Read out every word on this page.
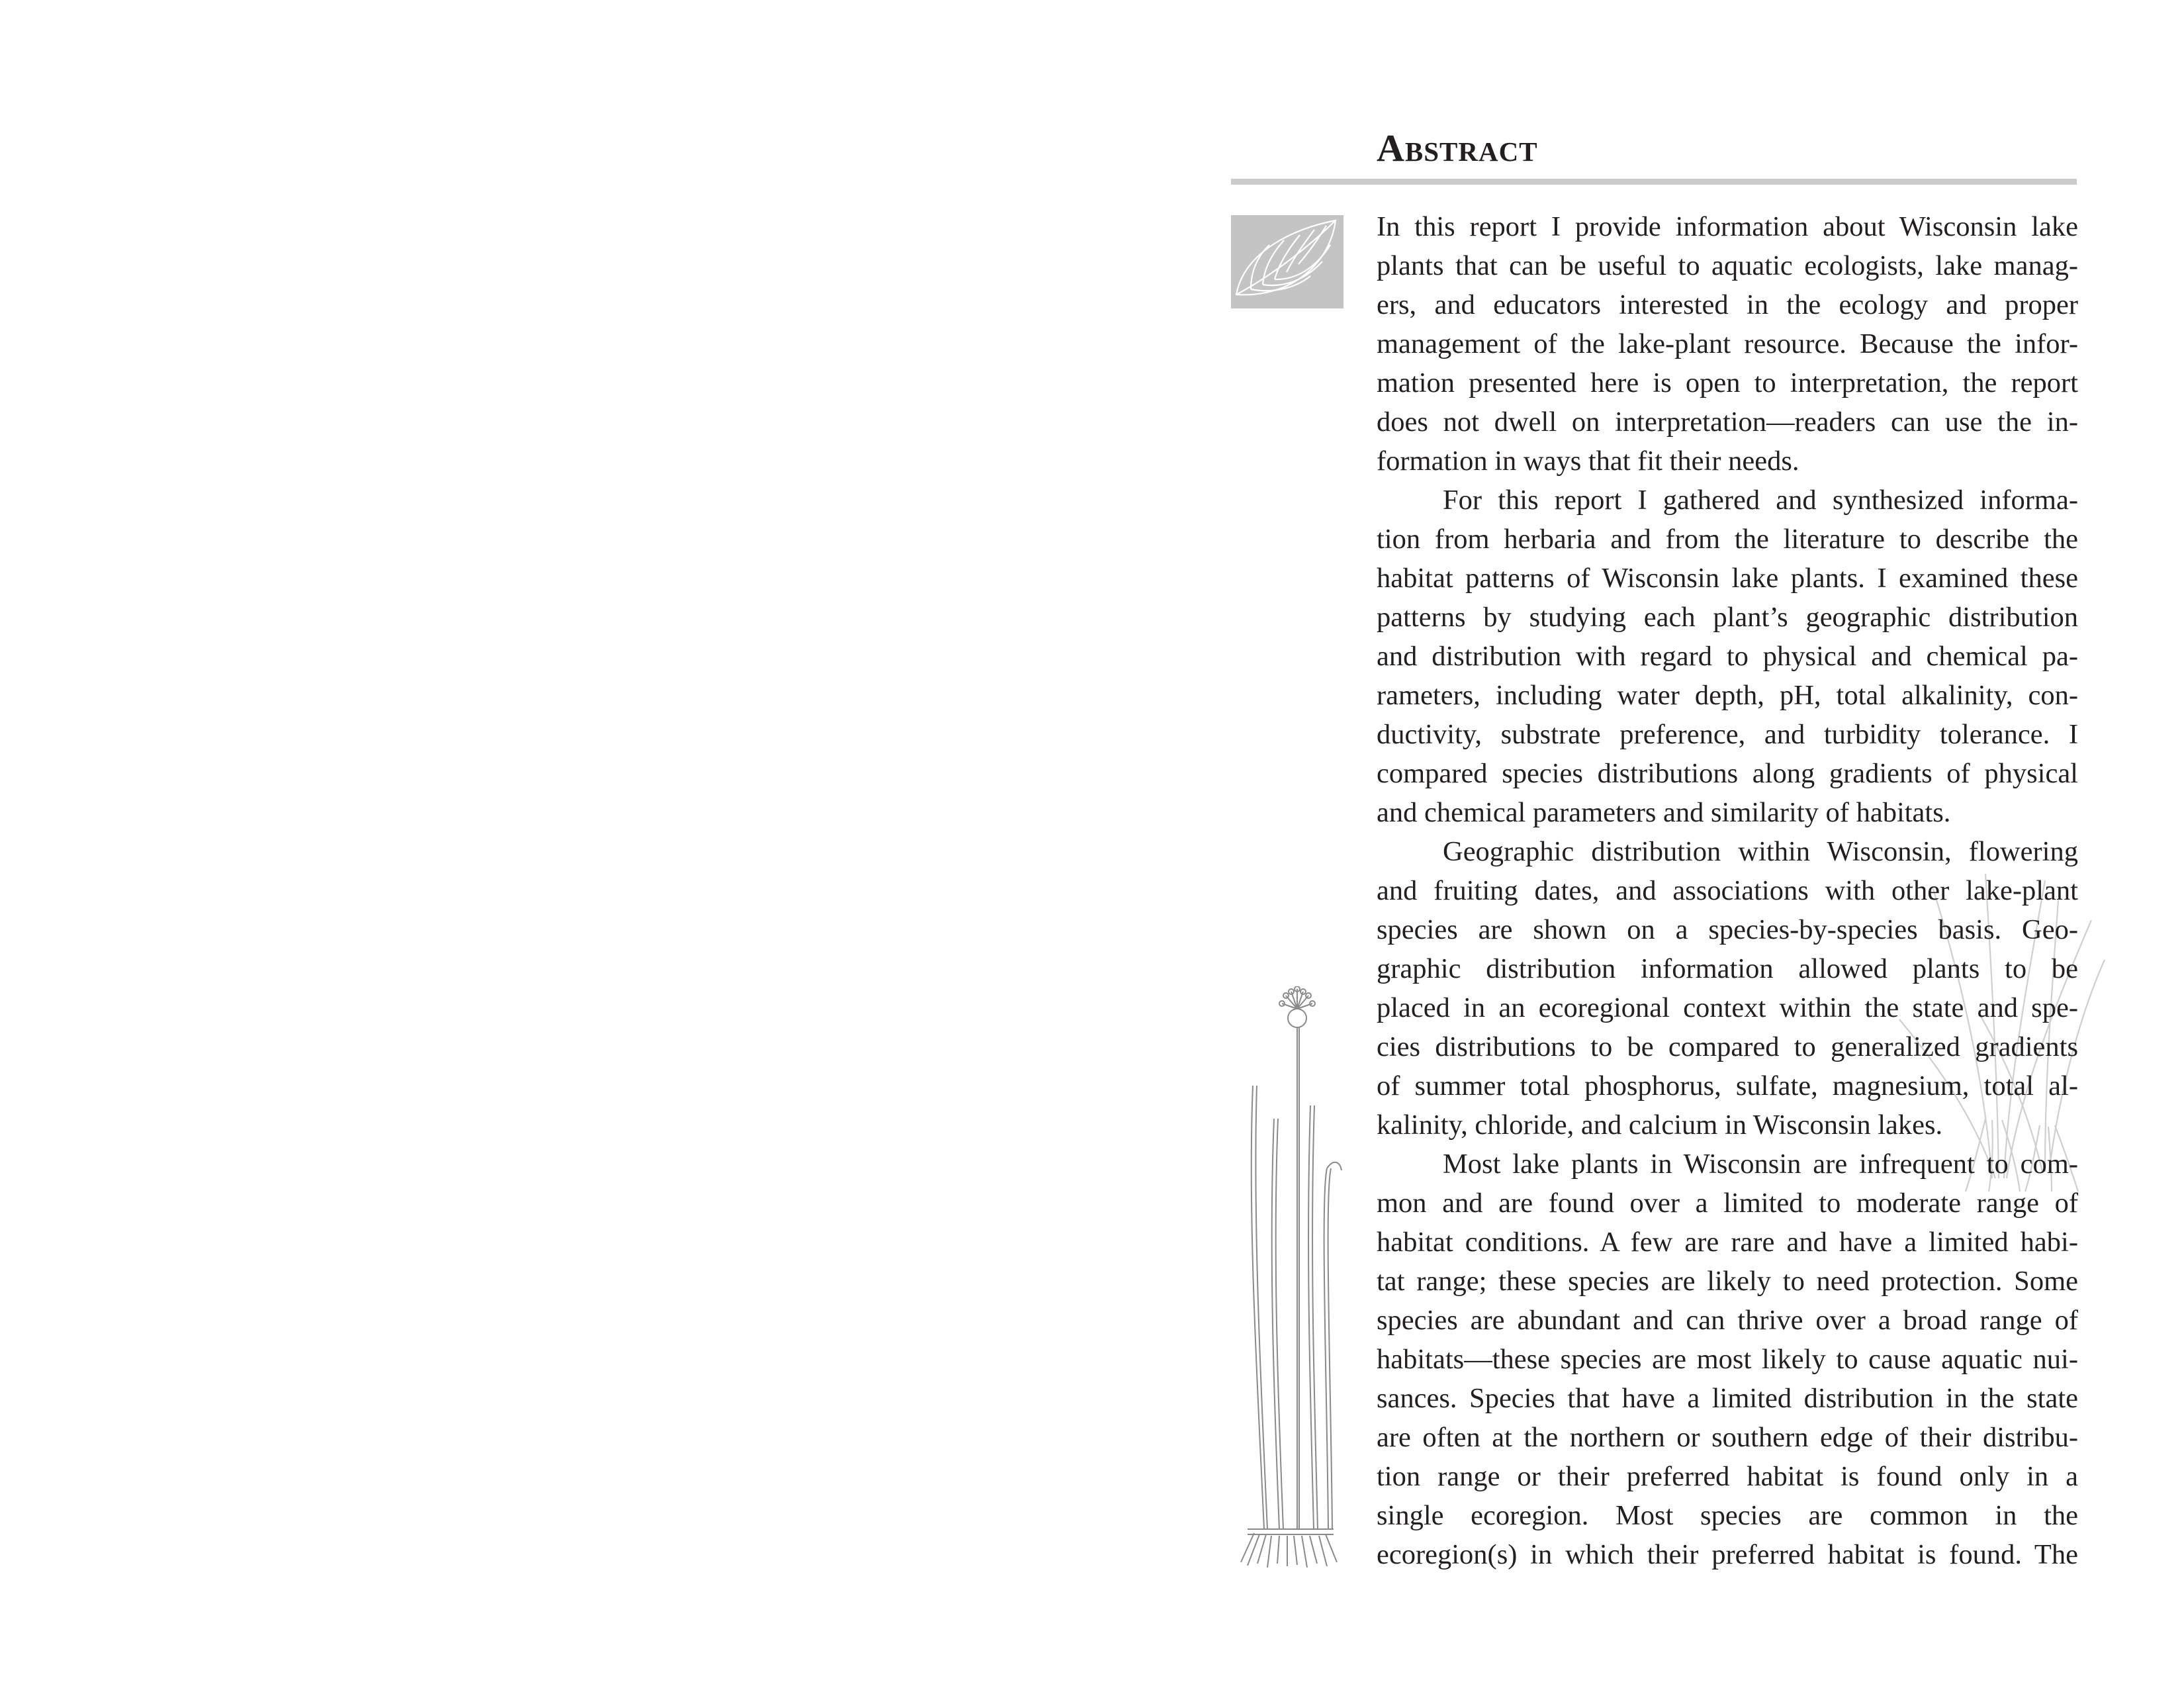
Abstract
In this report I provide information about Wisconsin lake
plants that can be useful to aquatic ecologists, lake manag-
ers, and educators interested in the ecology and proper
management of the lake-plant resource. Because the infor-
mation presented here is open to interpretation, the report
does not dwell on interpretation—readers can use the in-
formation in ways that fit their needs.
For this report I gathered and synthesized informa-
tion from herbaria and from the literature to describe the
habitat patterns of Wisconsin lake plants. I examined these
patterns by studying each plant’s geographic distribution
and distribution with regard to physical and chemical pa-
rameters, including water depth, pH, total alkalinity, con-
ductivity, substrate preference, and turbidity tolerance. I
compared species distributions along gradients of physical
and chemical parameters and similarity of habitats.
Geographic distribution within Wisconsin, flowering
and fruiting dates, and associations with other lake-plant
species are shown on a species-by-species basis. Geo-
graphic distribution information allowed plants to be
placed in an ecoregional context within the state and spe-
cies distributions to be compared to generalized gradients
of summer total phosphorus, sulfate, magnesium, total al-
kalinity, chloride, and calcium in Wisconsin lakes.
Most lake plants in Wisconsin are infrequent to com-
mon and are found over a limited to moderate range of
habitat conditions. A few are rare and have a limited habi-
tat range; these species are likely to need protection. Some
species are abundant and can thrive over a broad range of
habitats—these species are most likely to cause aquatic nui-
sances. Species that have a limited distribution in the state
are often at the northern or southern edge of their distribu-
tion range or their preferred habitat is found only in a
single ecoregion. Most species are common in the
ecoregion(s) in which their preferred habitat is found. The
